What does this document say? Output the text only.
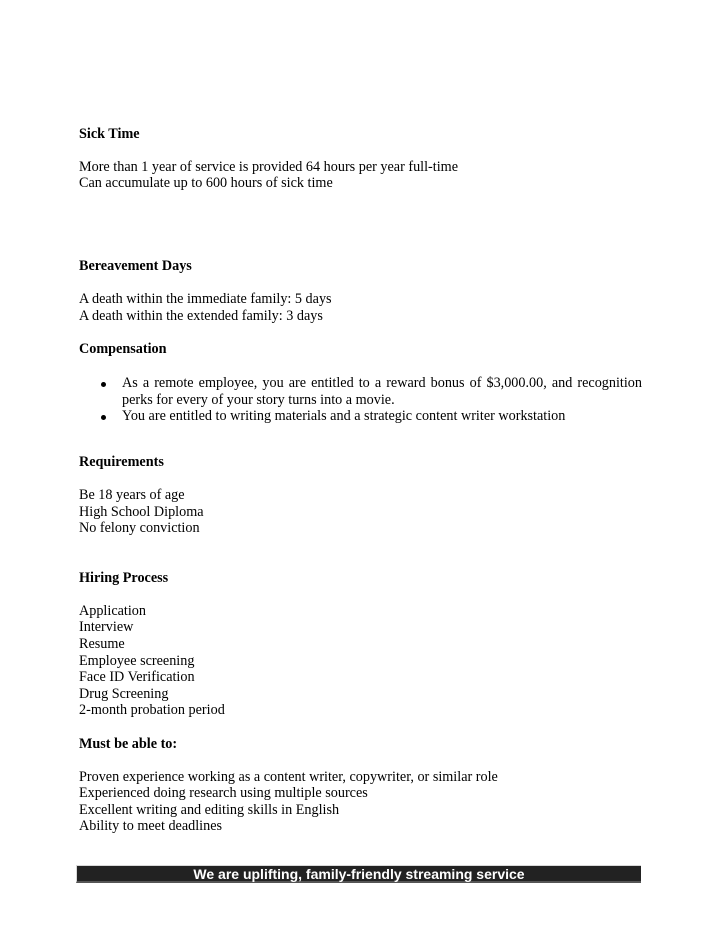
Sick Time
More than 1 year of service is provided 64 hours per year full-time
Can accumulate up to 600 hours of sick time
Bereavement Days
A death within the immediate family: 5 days
A death within the extended family: 3 days
Compensation
As a remote employee, you are entitled to a reward bonus of $3,000.00, and recognition perks for every of your story turns into a movie.
You are entitled to writing materials and a strategic content writer workstation
Requirements
Be 18 years of age
High School Diploma
No felony conviction
Hiring Process
Application
Interview
Resume
Employee screening
Face ID Verification
Drug Screening
2-month probation period
Must be able to:
Proven experience working as a content writer, copywriter, or similar role
Experienced doing research using multiple sources
Excellent writing and editing skills in English
Ability to meet deadlines
We are uplifting, family-friendly streaming service
